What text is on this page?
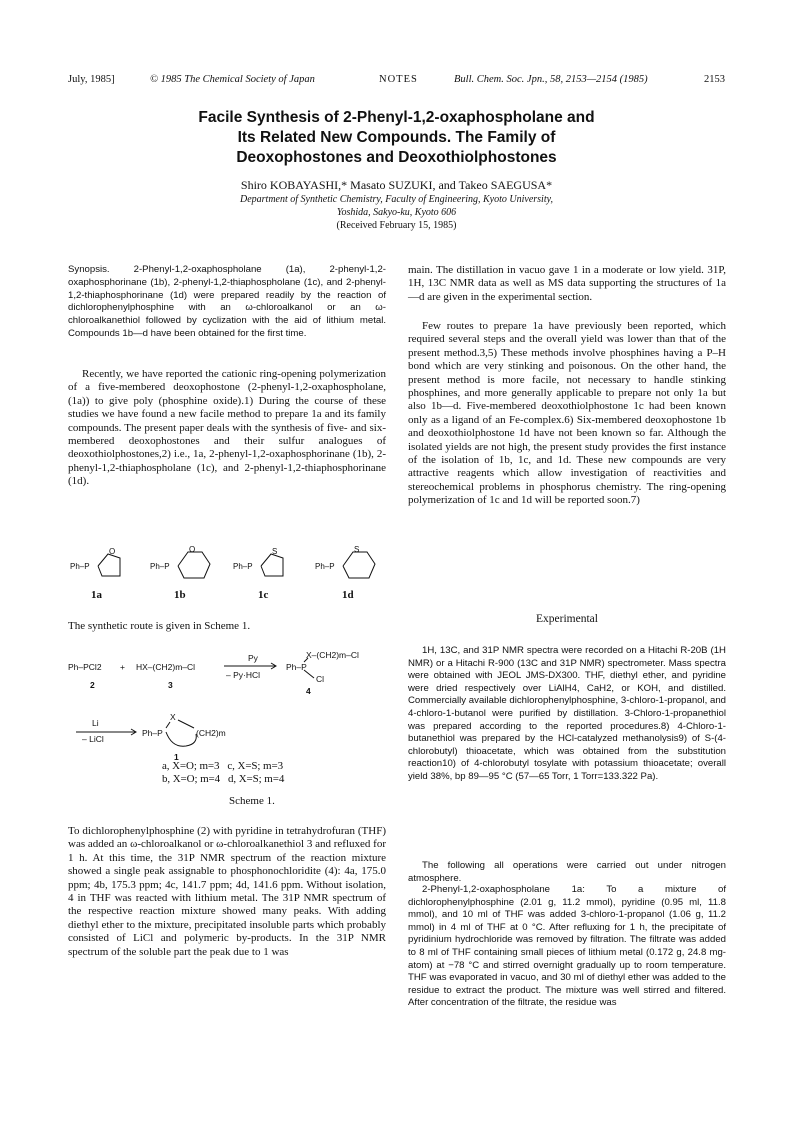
July, 1985]	© 1985 The Chemical Society of Japan	NOTES	Bull. Chem. Soc. Jpn., 58, 2153—2154 (1985)	2153
Facile Synthesis of 2-Phenyl-1,2-oxaphospholane and
Its Related New Compounds. The Family of
Deoxophostones and Deoxothiolphostones
Shiro KOBAYASHI,* Masato SUZUKI, and Takeo SAEGUSA*
Department of Synthetic Chemistry, Faculty of Engineering, Kyoto University,
Yoshida, Sakyo-ku, Kyoto 606
(Received February 15, 1985)
Synopsis. 2-Phenyl-1,2-oxaphospholane (1a), 2-phenyl-1,2-oxaphosphorinane (1b), 2-phenyl-1,2-thiaphospholane (1c), and 2-phenyl-1,2-thiaphosphorinane (1d) were prepared readily by the reaction of dichlorophenylphosphine with an ω-chloroalkanol or an ω-chloroalkanethiol followed by cyclization with the aid of lithium metal. Compounds 1b—d have been obtained for the first time.
Recently, we have reported the cationic ring-opening polymerization of a five-membered deoxophostone (2-phenyl-1,2-oxaphospholane, (1a)) to give poly (phosphine oxide).1) During the course of these studies we have found a new facile method to prepare 1a and its family compounds. The present paper deals with the synthesis of five- and six-membered deoxophostones and their sulfur analogues of deoxothiolphostones,2) i.e., 1a, 2-phenyl-1,2-oxaphosphorinane (1b), 2-phenyl-1,2-thiaphospholane (1c), and 2-phenyl-1,2-thiaphosphorinane (1d).
Ph–P
O
Ph–P
O
Ph–P
S
Ph–P
S
1a	1b	1c	1d
The synthetic route is given in Scheme 1.
Ph–PCl2 + HX–(CH2)m–Cl
Py
– Py·HCl
Ph–P
X–(CH2)m–Cl
Cl
2	3
4
Li
– LiCl
Ph–P
X
(CH2)m
1
a, X=O; m=3   c, X=S; m=3
b, X=O; m=4   d, X=S; m=4
Scheme 1.
To dichlorophenylphosphine (2) with pyridine in tetrahydrofuran (THF) was added an ω-chloroalkanol or ω-chloroalkanethiol 3 and refluxed for 1 h. At this time, the 31P NMR spectrum of the reaction mixture showed a single peak assignable to phosphonochloridite (4): 4a, 175.0 ppm; 4b, 175.3 ppm; 4c, 141.7 ppm; 4d, 141.6 ppm. Without isolation, 4 in THF was reacted with lithium metal. The 31P NMR spectrum of the respective reaction mixture showed many peaks. With adding diethyl ether to the mixture, precipitated insoluble parts which probably consisted of LiCl and polymeric by-products. In the 31P NMR spectrum of the soluble part the peak due to 1 was
main. The distillation in vacuo gave 1 in a moderate or low yield. 31P, 1H, 13C NMR data as well as MS data supporting the structures of 1a—d are given in the experimental section.
Few routes to prepare 1a have previously been reported, which required several steps and the overall yield was lower than that of the present method.3,5) These methods involve phosphines having a P–H bond which are very stinking and poisonous. On the other hand, the present method is more facile, not necessary to handle stinking phosphines, and more generally applicable to prepare not only 1a but also 1b—d. Five-membered deoxothiolphostone 1c had been known only as a ligand of an Fe-complex.6) Six-membered deoxophostone 1b and deoxothiolphostone 1d have not been known so far. Although the isolated yields are not high, the present study provides the first instance of the isolation of 1b, 1c, and 1d. These new compounds are very attractive reagents which allow investigation of reactivities and stereochemical problems in phosphorus chemistry. The ring-opening polymerization of 1c and 1d will be reported soon.7)
Experimental
1H, 13C, and 31P NMR spectra were recorded on a Hitachi R-20B (1H NMR) or a Hitachi R-900 (13C and 31P NMR) spectrometer. Mass spectra were obtained with JEOL JMS-DX300. THF, diethyl ether, and pyridine were dried respectively over LiAlH4, CaH2, or KOH, and distilled. Commercially available dichlorophenylphosphine, 3-chloro-1-propanol, and 4-chloro-1-butanol were purified by distillation. 3-Chloro-1-propanethiol was prepared according to the reported procedures.8) 4-Chloro-1-butanethiol was prepared by the HCl-catalyzed methanolysis9) of S-(4-chlorobutyl) thioacetate, which was obtained from the substitution reaction10) of 4-chlorobutyl tosylate with potassium thioacetate; overall yield 38%, bp 89—95 °C (57—65 Torr, 1 Torr=133.322 Pa).
The following all operations were carried out under nitrogen atmosphere.
2-Phenyl-1,2-oxaphospholane 1a: To a mixture of dichlorophenylphosphine (2.01 g, 11.2 mmol), pyridine (0.95 ml, 11.8 mmol), and 10 ml of THF was added 3-chloro-1-propanol (1.06 g, 11.2 mmol) in 4 ml of THF at 0 °C. After refluxing for 1 h, the precipitate of pyridinium hydrochloride was removed by filtration. The filtrate was added to 8 ml of THF containing small pieces of lithium metal (0.172 g, 24.8 mg-atom) at −78 °C and stirred overnight gradually up to room temperature. THF was evaporated in vacuo, and 30 ml of diethyl ether was added to the residue to extract the product. The mixture was well stirred and filtered. After concentration of the filtrate, the residue was
